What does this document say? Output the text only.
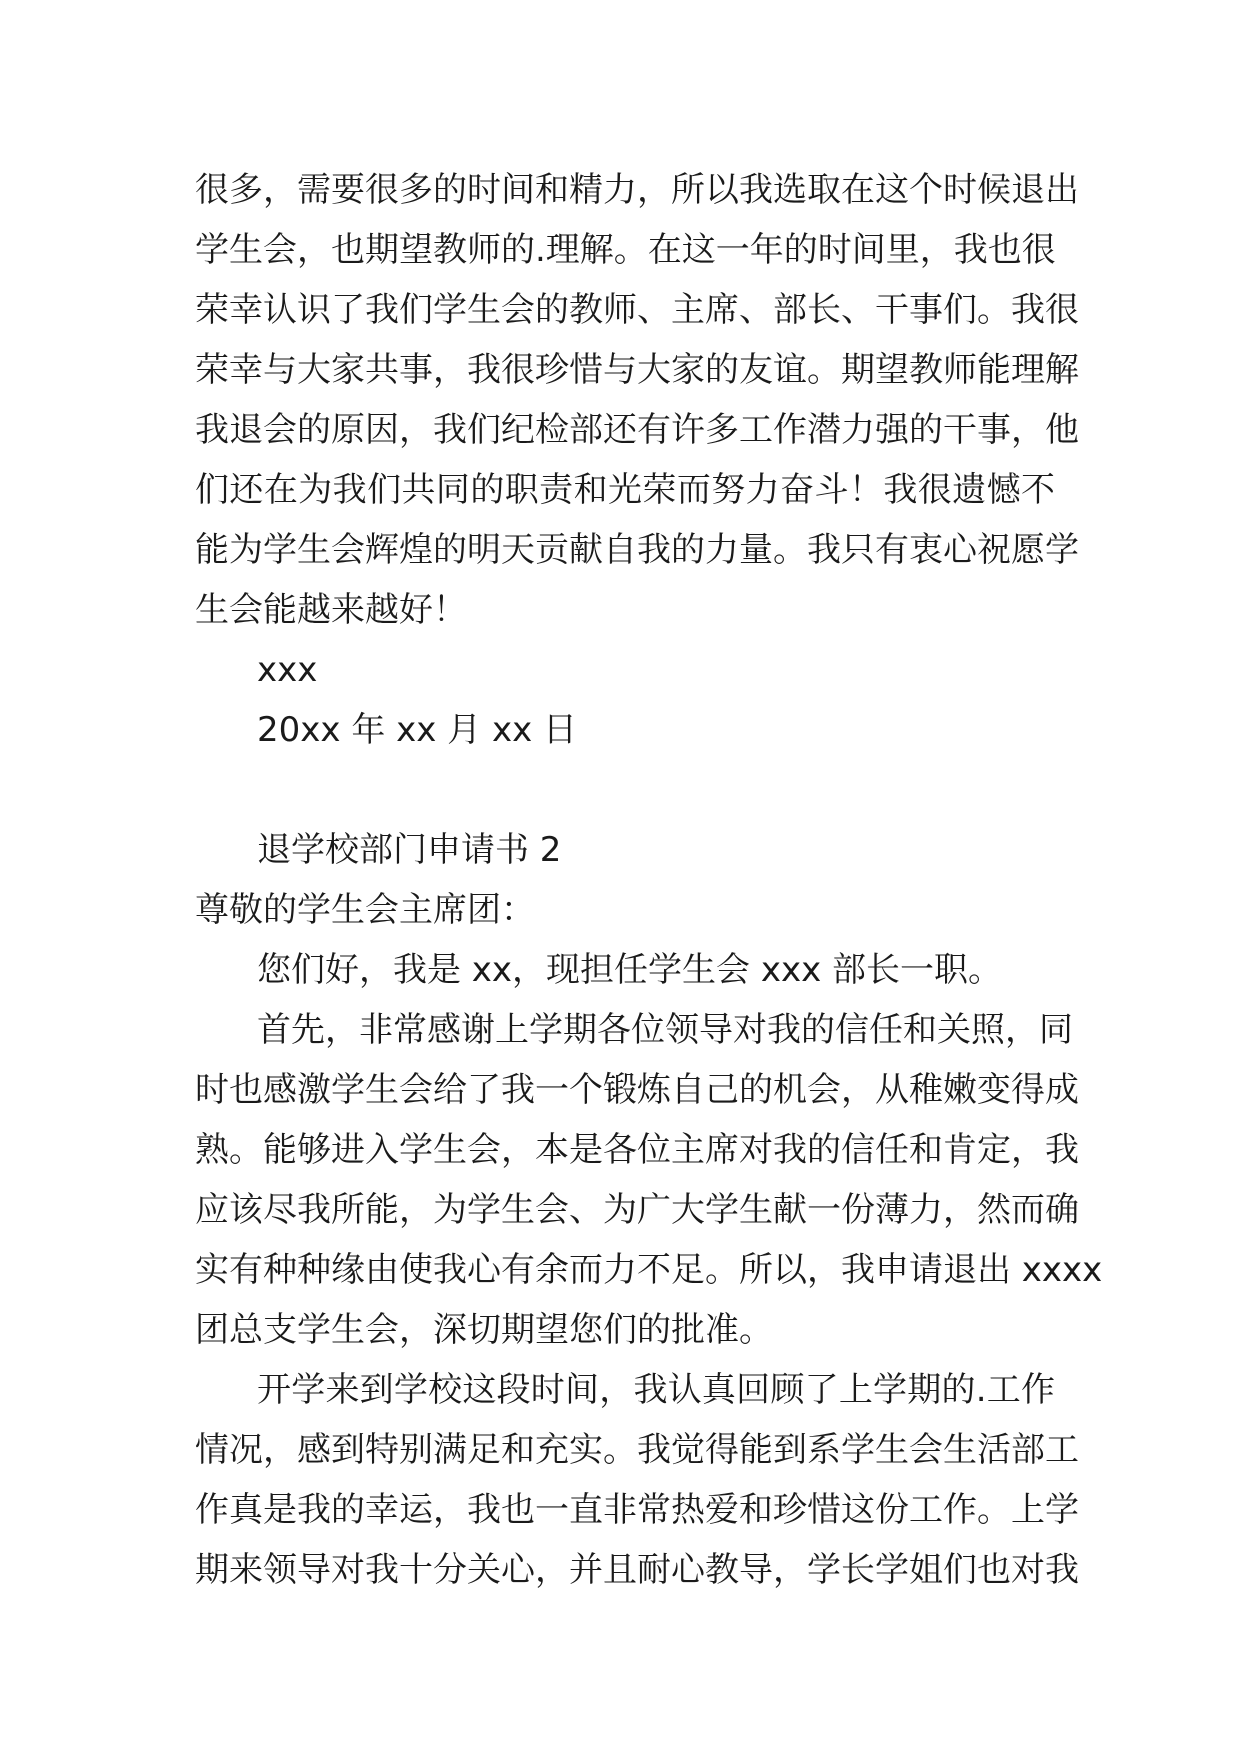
很多，需要很多的时间和精力，所以我选取在这个时候退出

学生会，也期望教师的.理解。在这一年的时间里，我也很

荣幸认识了我们学生会的教师、主席、部长、干事们。我很

荣幸与大家共事，我很珍惜与大家的友谊。期望教师能理解

我退会的原因，我们纪检部还有许多工作潜力强的干事，他

们还在为我们共同的职责和光荣而努力奋斗！我很遗憾不

能为学生会辉煌的明天贡献自我的力量。我只有衷心祝愿学

生会能越来越好！

xxx

20xx 年 xx 月 xx 日

退学校部门申请书 2

尊敬的学生会主席团：

您们好，我是 xx，现担任学生会 xxx 部长一职。

首先，非常感谢上学期各位领导对我的信任和关照，同

时也感激学生会给了我一个锻炼自己的机会，从稚嫩变得成

熟。能够进入学生会，本是各位主席对我的信任和肯定，我

应该尽我所能，为学生会、为广大学生献一份薄力，然而确

实有种种缘由使我心有余而力不足。所以，我申请退出 xxxx

团总支学生会，深切期望您们的批准。

开学来到学校这段时间，我认真回顾了上学期的.工作

情况，感到特别满足和充实。我觉得能到系学生会生活部工

作真是我的幸运，我也一直非常热爱和珍惜这份工作。上学

期来领导对我十分关心，并且耐心教导，学长学姐们也对我
